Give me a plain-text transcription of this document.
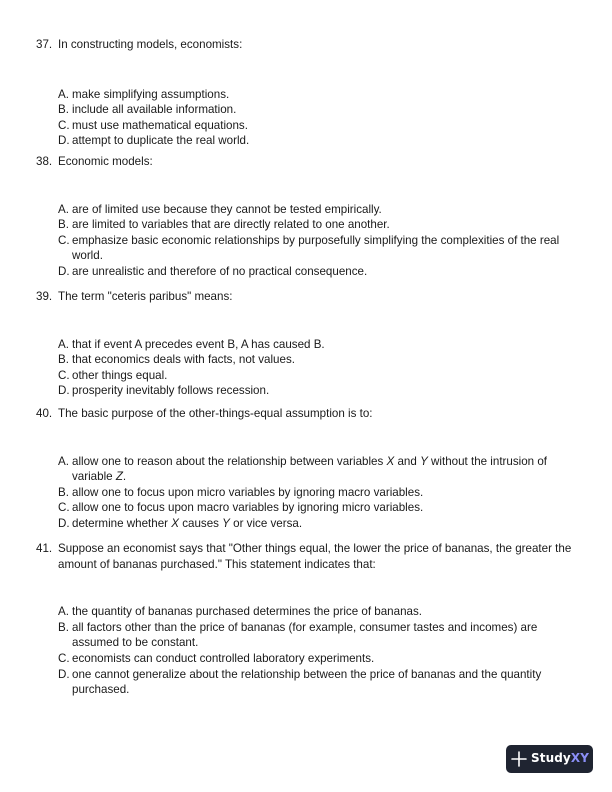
37. In constructing models, economists:
A. make simplifying assumptions.
B. include all available information.
C. must use mathematical equations.
D. attempt to duplicate the real world.
38. Economic models:
A. are of limited use because they cannot be tested empirically.
B. are limited to variables that are directly related to one another.
C. emphasize basic economic relationships by purposefully simplifying the complexities of the real world.
D. are unrealistic and therefore of no practical consequence.
39. The term "ceteris paribus" means:
A. that if event A precedes event B, A has caused B.
B. that economics deals with facts, not values.
C. other things equal.
D. prosperity inevitably follows recession.
40. The basic purpose of the other-things-equal assumption is to:
A. allow one to reason about the relationship between variables X and Y without the intrusion of variable Z.
B. allow one to focus upon micro variables by ignoring macro variables.
C. allow one to focus upon macro variables by ignoring micro variables.
D. determine whether X causes Y or vice versa.
41. Suppose an economist says that "Other things equal, the lower the price of bananas, the greater the amount of bananas purchased." This statement indicates that:
A. the quantity of bananas purchased determines the price of bananas.
B. all factors other than the price of bananas (for example, consumer tastes and incomes) are assumed to be constant.
C. economists can conduct controlled laboratory experiments.
D. one cannot generalize about the relationship between the price of bananas and the quantity purchased.
StudyXY
